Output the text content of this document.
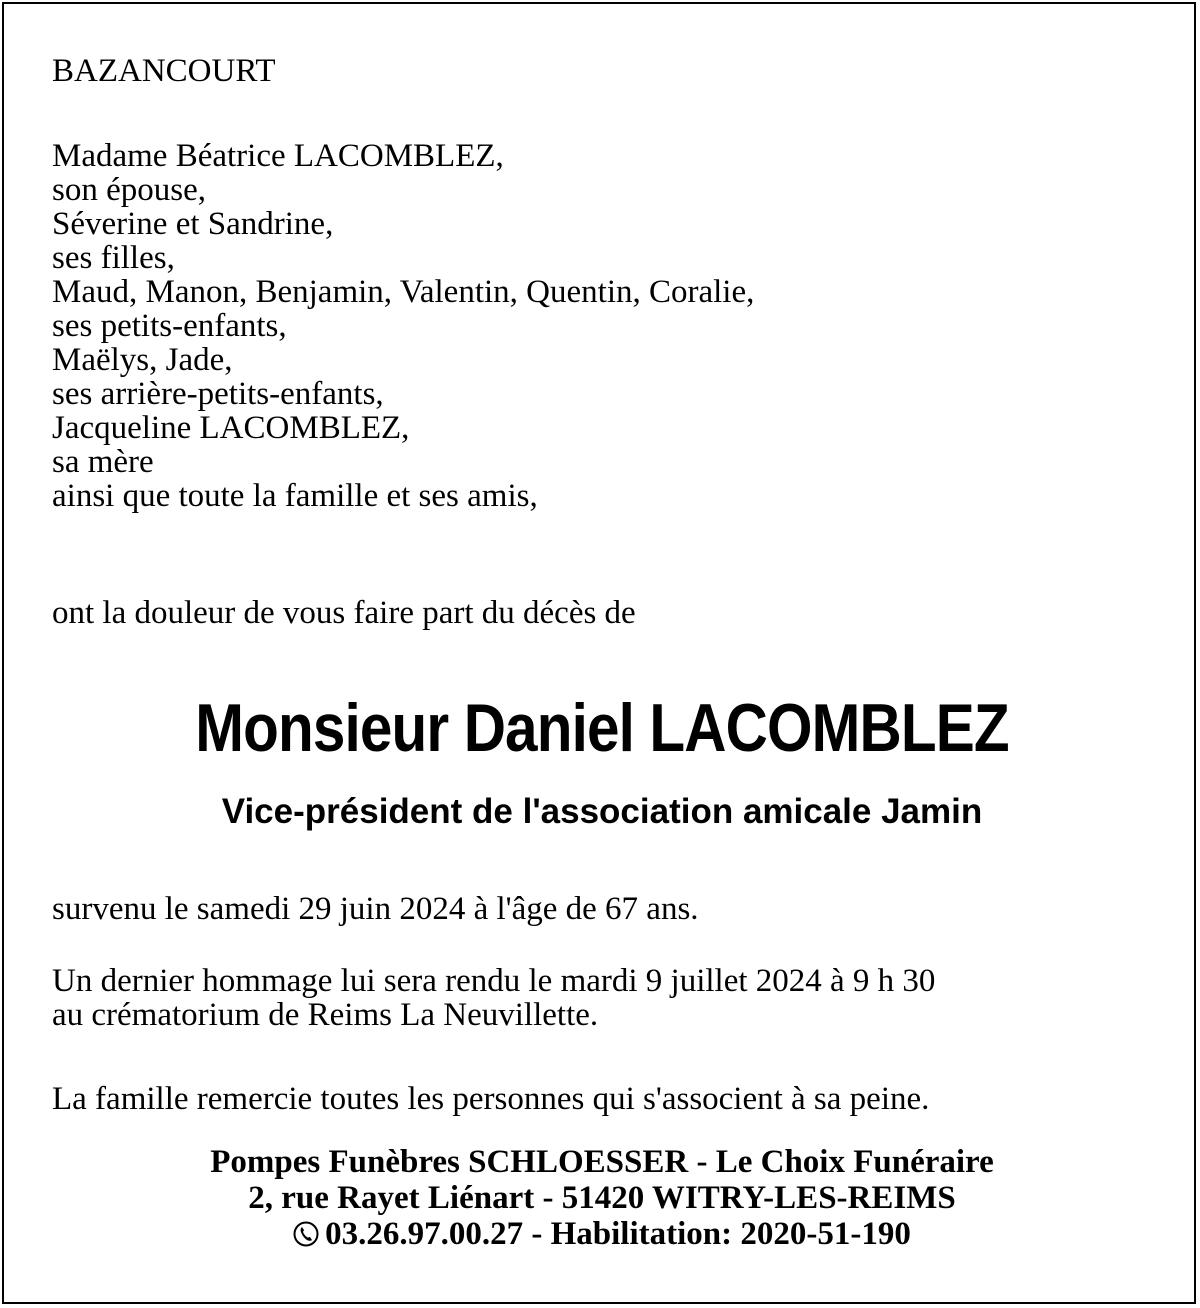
BAZANCOURT
Madame Béatrice LACOMBLEZ,
son épouse,
Séverine et Sandrine,
ses filles,
Maud, Manon, Benjamin, Valentin, Quentin, Coralie,
ses petits-enfants,
Maëlys, Jade,
ses arrière-petits-enfants,
Jacqueline LACOMBLEZ,
sa mère
ainsi que toute la famille et ses amis,
ont la douleur de vous faire part du décès de
Monsieur Daniel LACOMBLEZ
Vice-président de l'association amicale Jamin
survenu le samedi 29 juin 2024 à l'âge de 67 ans.
Un dernier hommage lui sera rendu le mardi 9 juillet 2024 à 9 h 30
au crématorium de Reims La Neuvillette.
La famille remercie toutes les personnes qui s'associent à sa peine.
Pompes Funèbres SCHLOESSER - Le Choix Funéraire
2, rue Rayet Liénart - 51420 WITRY-LES-REIMS
03.26.97.00.27 - Habilitation: 2020-51-190
